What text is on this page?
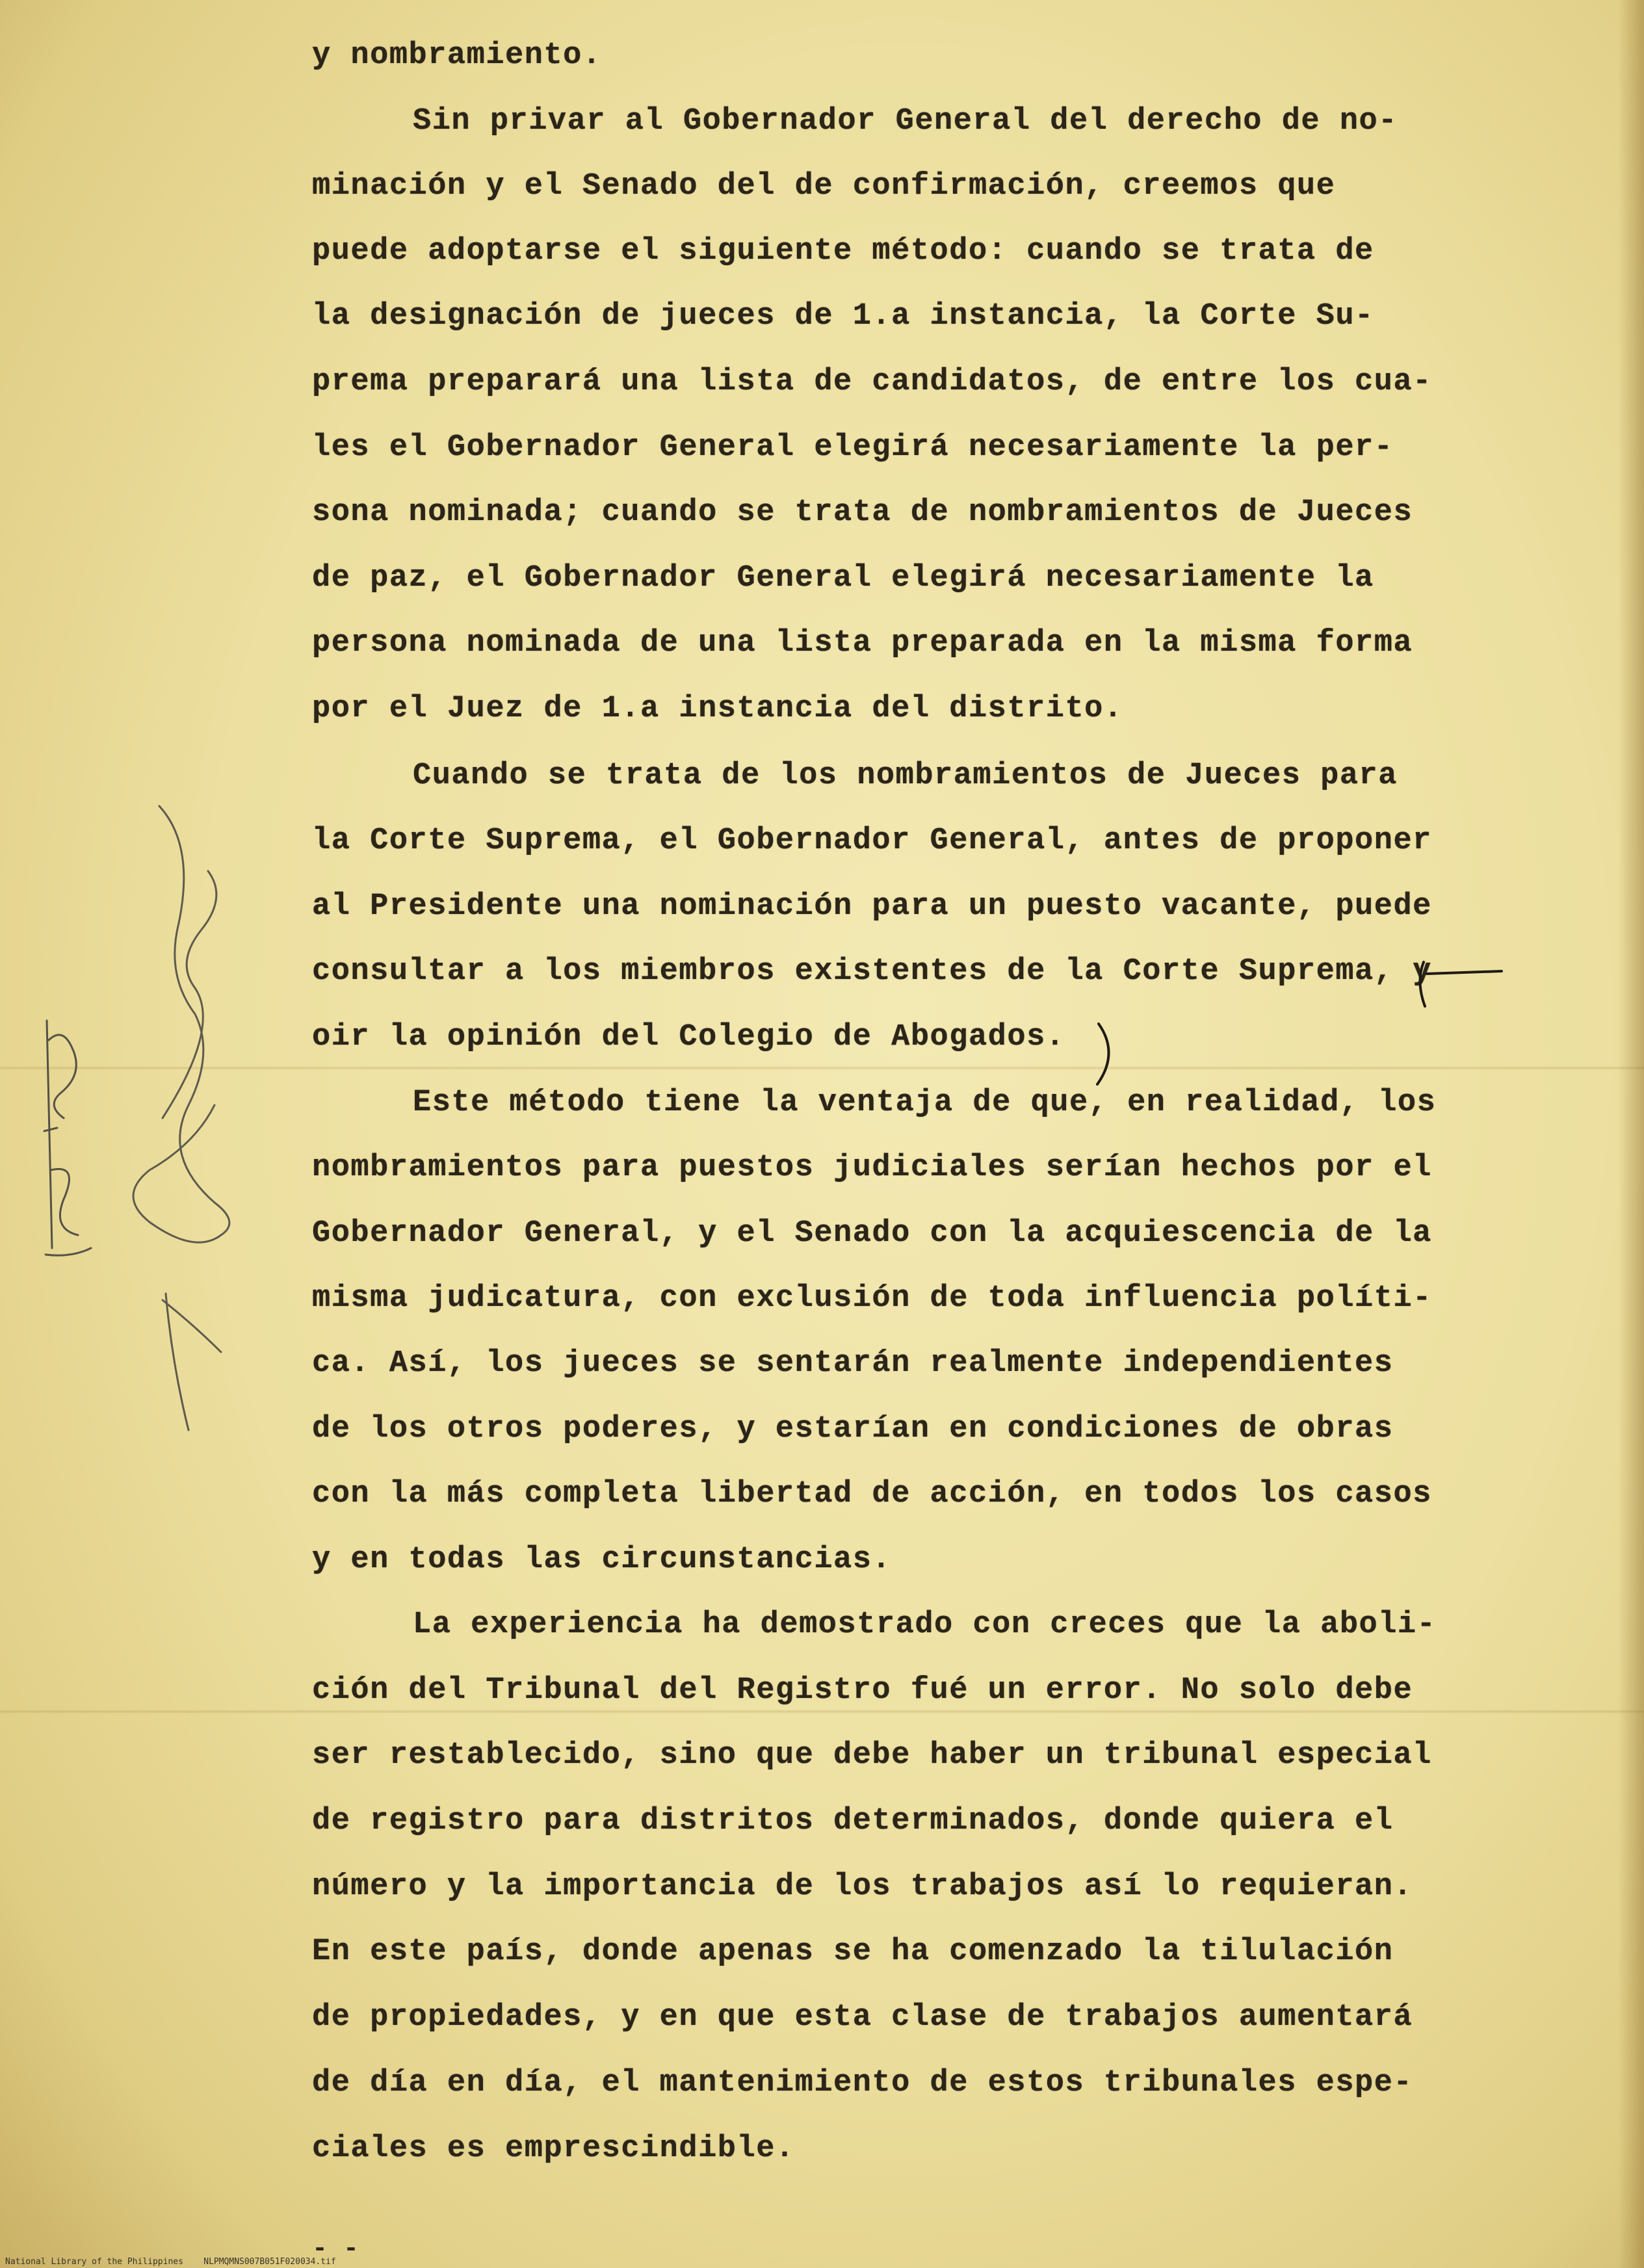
y nombramiento.

Sin privar al Gobernador General del derecho de no-

minación y el Senado del de confirmación, creemos que

puede adoptarse el siguiente método: cuando se trata de

la designación de jueces de 1.a instancia, la Corte Su-

prema preparará una lista de candidatos, de entre los cua-

les el Gobernador General elegirá necesariamente la per-

sona nominada; cuando se trata de nombramientos de Jueces

de paz, el Gobernador General elegirá necesariamente la

persona nominada de una lista preparada en la misma forma

por el Juez de 1.a instancia del distrito.

Cuando se trata de los nombramientos de Jueces para

la Corte Suprema, el Gobernador General, antes de proponer

al Presidente una nominación para un puesto vacante, puede

consultar a los miembros existentes de la Corte Suprema, y

oir la opinión del Colegio de Abogados.

Este método tiene la ventaja de que, en realidad, los

nombramientos para puestos judiciales serían hechos por el

Gobernador General, y el Senado con la acquiescencia de la

misma judicatura, con exclusión de toda influencia políti-

ca. Así, los jueces se sentarán realmente independientes

de los otros poderes, y estarían en condiciones de obras

con la más completa libertad de acción, en todos los casos

y en todas las circunstancias.

La experiencia ha demostrado con creces que la aboli-

ción del Tribunal del Registro fué un error. No solo debe

ser restablecido, sino que debe haber un tribunal especial

de registro para distritos determinados, donde quiera el

número y la importancia de los trabajos así lo requieran.

En este país, donde apenas se ha comenzado la tilulación

de propiedades, y en que esta clase de trabajos aumentará

de día en día, el mantenimiento de estos tribunales espe-

ciales es emprescindible.

- -

National Library of the Philippines    NLPMQMNS007B051F020034.tif
